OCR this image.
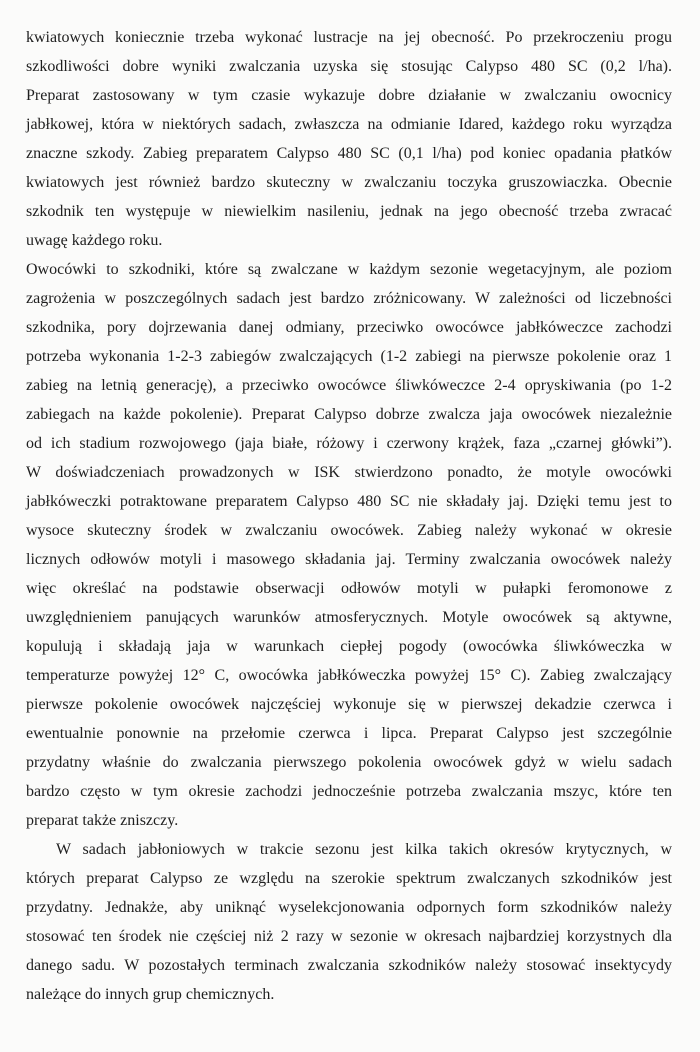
kwiatowych koniecznie trzeba wykonać lustracje na jej obecność. Po przekroczeniu progu
szkodliwości dobre wyniki zwalczania uzyska się stosując Calypso 480 SC (0,2 l/ha).
Preparat zastosowany w tym czasie wykazuje dobre działanie w zwalczaniu owocnicy
jabłkowej, która w niektórych sadach, zwłaszcza na odmianie Idared, każdego roku wyrządza
znaczne szkody. Zabieg preparatem Calypso 480 SC (0,1 l/ha) pod koniec opadania płatków
kwiatowych jest również bardzo skuteczny w zwalczaniu toczyka gruszowiaczka. Obecnie
szkodnik ten występuje w niewielkim nasileniu, jednak na jego obecność trzeba zwracać
uwagę każdego roku.
Owocówki to szkodniki, które są zwalczane w każdym sezonie wegetacyjnym, ale poziom
zagrożenia w poszczególnych sadach jest bardzo zróżnicowany. W zależności od liczebności
szkodnika, pory dojrzewania danej odmiany, przeciwko owocówce jabłkóweczce zachodzi
potrzeba wykonania 1-2-3 zabiegów zwalczających (1-2 zabiegi na pierwsze pokolenie oraz 1
zabieg na letnią generację), a przeciwko owocówce śliwkóweczce 2-4 opryskiwania (po 1-2
zabiegach na każde pokolenie). Preparat Calypso dobrze zwalcza jaja owocówek niezależnie
od ich stadium rozwojowego (jaja białe, różowy i czerwony krążek, faza „czarnej główki”).
W doświadczeniach prowadzonych w ISK stwierdzono ponadto, że motyle owocówki
jabłkóweczki potraktowane preparatem Calypso 480 SC nie składały jaj. Dzięki temu jest to
wysoce skuteczny środek w zwalczaniu owocówek. Zabieg należy wykonać w okresie
licznych odłowów motyli i masowego składania jaj. Terminy zwalczania owocówek należy
więc określać na podstawie obserwacji odłowów motyli w pułapki feromonowe z
uwzględnieniem panujących warunków atmosferycznych. Motyle owocówek są aktywne,
kopulują i składają jaja w warunkach ciepłej pogody (owocówka śliwkóweczka w
temperaturze powyżej 12° C, owocówka jabłkóweczka powyżej 15° C). Zabieg zwalczający
pierwsze pokolenie owocówek najczęściej wykonuje się w pierwszej dekadzie czerwca i
ewentualnie ponownie na przełomie czerwca i lipca. Preparat Calypso jest szczególnie
przydatny właśnie do zwalczania pierwszego pokolenia owocówek gdyż w wielu sadach
bardzo często w tym okresie zachodzi jednocześnie potrzeba zwalczania mszyc, które ten
preparat także zniszczy.
W sadach jabłoniowych w trakcie sezonu jest kilka takich okresów krytycznych, w
których preparat Calypso ze względu na szerokie spektrum zwalczanych szkodników jest
przydatny. Jednakże, aby uniknąć wyselekcjonowania odpornych form szkodników należy
stosować ten środek nie częściej niż 2 razy w sezonie w okresach najbardziej korzystnych dla
danego sadu. W pozostałych terminach zwalczania szkodników należy stosować insektycydy
należące do innych grup chemicznych.
